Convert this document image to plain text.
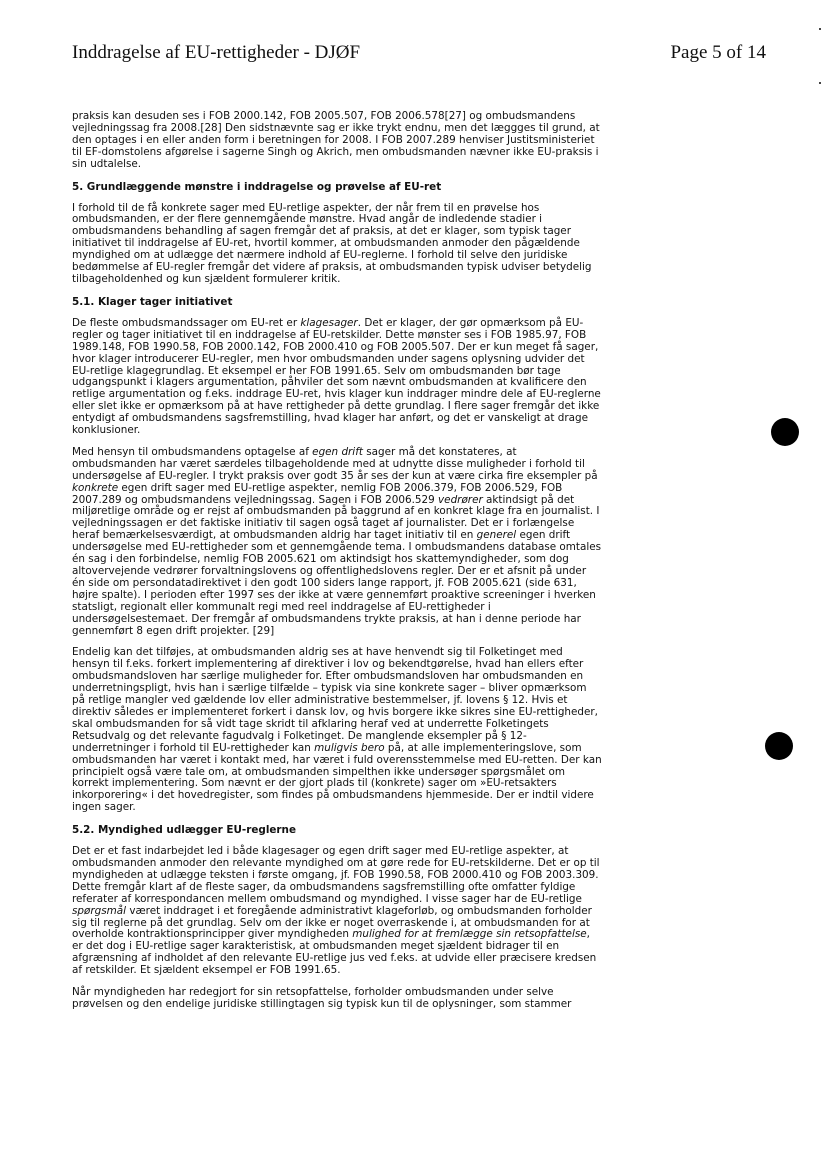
Inddragelse af EU-rettigheder - DJØF	Page 5 of 14

praksis kan desuden ses i FOB 2000.142, FOB 2005.507, FOB 2006.578[27] og ombudsmandens vejledningssag fra 2008.[28] Den sidstnævnte sag er ikke trykt endnu, men det læggges til grund, at den optages i en eller anden form i beretningen for 2008. I FOB 2007.289 henviser Justitsministeriet til EF-domstolens afgørelse i sagerne Singh og Akrich, men ombudsmanden nævner ikke EU-praksis i sin udtalelse.

5. Grundlæggende mønstre i inddragelse og prøvelse af EU-ret

I forhold til de få konkrete sager med EU-retlige aspekter, der når frem til en prøvelse hos ombudsmanden, er der flere gennemgående mønstre. Hvad angår de indledende stadier i ombudsmandens behandling af sagen fremgår det af praksis, at det er klager, som typisk tager initiativet til inddragelse af EU-ret, hvortil kommer, at ombudsmanden anmoder den pågældende myndighed om at udlægge det nærmere indhold af EU-reglerne. I forhold til selve den juridiske bedømmelse af EU-regler fremgår det videre af praksis, at ombudsmanden typisk udviser betydelig tilbageholdenhed og kun sjældent formulerer kritik.

5.1. Klager tager initiativet

De fleste ombudsmandssager om EU-ret er klagesager. Det er klager, der gør opmærksom på EU-regler og tager initiativet til en inddragelse af EU-retskilder. Dette mønster ses i FOB 1985.97, FOB 1989.148, FOB 1990.58, FOB 2000.142, FOB 2000.410 og FOB 2005.507. Der er kun meget få sager, hvor klager introducerer EU-regler, men hvor ombudsmanden under sagens oplysning udvider det EU-retlige klagegrundlag. Et eksempel er her FOB 1991.65. Selv om ombudsmanden bør tage udgangspunkt i klagers argumentation, påhviler det som nævnt ombudsmanden at kvalificere den retlige argumentation og f.eks. inddrage EU-ret, hvis klager kun inddrager mindre dele af EU-reglerne eller slet ikke er opmærksom på at have rettigheder på dette grundlag. I flere sager fremgår det ikke entydigt af ombudsmandens sagsfremstilling, hvad klager har anført, og det er vanskeligt at drage konklusioner.

Med hensyn til ombudsmandens optagelse af egen drift sager må det konstateres, at ombudsmanden har været særdeles tilbageholdende med at udnytte disse muligheder i forhold til undersøgelse af EU-regler. I trykt praksis over godt 35 år ses der kun at være cirka fire eksempler på konkrete egen drift sager med EU-retlige aspekter, nemlig FOB 2006.379, FOB 2006.529, FOB 2007.289 og ombudsmandens vejledningssag. Sagen i FOB 2006.529 vedrører aktindsigt på det miljøretlige område og er rejst af ombudsmanden på baggrund af en konkret klage fra en journalist. I vejledningssagen er det faktiske initiativ til sagen også taget af journalister. Det er i forlængelse heraf bemærkelsesværdigt, at ombudsmanden aldrig har taget initiativ til en generel egen drift undersøgelse med EU-rettigheder som et gennemgående tema. I ombudsmandens database omtales én sag i den forbindelse, nemlig FOB 2005.621 om aktindsigt hos skattemyndigheder, som dog altovervejende vedrører forvaltningslovens og offentlighedslovens regler. Der er et afsnit på under én side om persondatadirektivet i den godt 100 siders lange rapport, jf. FOB 2005.621 (side 631, højre spalte). I perioden efter 1997 ses der ikke at være gennemført proaktive screeninger i hverken statsligt, regionalt eller kommunalt regi med reel inddragelse af EU-rettigheder i undersøgelsestemaet. Der fremgår af ombudsmandens trykte praksis, at han i denne periode har gennemført 8 egen drift projekter. [29]

Endelig kan det tilføjes, at ombudsmanden aldrig ses at have henvendt sig til Folketinget med hensyn til f.eks. forkert implementering af direktiver i lov og bekendtgørelse, hvad han ellers efter ombudsmandsloven har særlige muligheder for. Efter ombudsmandsloven har ombudsmanden en underretningspligt, hvis han i særlige tilfælde – typisk via sine konkrete sager – bliver opmærksom på retlige mangler ved gældende lov eller administrative bestemmelser, jf. lovens § 12. Hvis et direktiv således er implementeret forkert i dansk lov, og hvis borgere ikke sikres sine EU-rettigheder, skal ombudsmanden for så vidt tage skridt til afklaring heraf ved at underrette Folketingets Retsudvalg og det relevante fagudvalg i Folketinget. De manglende eksempler på § 12-underretninger i forhold til EU-rettigheder kan muligvis bero på, at alle implementeringslove, som ombudsmanden har været i kontakt med, har været i fuld overensstemmelse med EU-retten. Der kan principielt også være tale om, at ombudsmanden simpelthen ikke undersøger spørgsmålet om korrekt implementering. Som nævnt er der gjort plads til (konkrete) sager om »EU-retsakters inkorporering« i det hovedregister, som findes på ombudsmandens hjemmeside. Der er indtil videre ingen sager.

5.2. Myndighed udlægger EU-reglerne

Det er et fast indarbejdet led i både klagesager og egen drift sager med EU-retlige aspekter, at ombudsmanden anmoder den relevante myndighed om at gøre rede for EU-retskilderne. Det er op til myndigheden at udlægge teksten i første omgang, jf. FOB 1990.58, FOB 2000.410 og FOB 2003.309. Dette fremgår klart af de fleste sager, da ombudsmandens sagsfremstilling ofte omfatter fyldige referater af korrespondancen mellem ombudsmand og myndighed. I visse sager har de EU-retlige spørgsmål været inddraget i et foregående administrativt klageforløb, og ombudsmanden forholder sig til reglerne på det grundlag. Selv om der ikke er noget overraskende i, at ombudsmanden for at overholde kontraktionsprincipper giver myndigheden mulighed for at fremlægge sin retsopfattelse, er det dog i EU-retlige sager karakteristisk, at ombudsmanden meget sjældent bidrager til en afgrænsning af indholdet af den relevante EU-retlige jus ved f.eks. at udvide eller præcisere kredsen af retskilder. Et sjældent eksempel er FOB 1991.65.

Når myndigheden har redegjort for sin retsopfattelse, forholder ombudsmanden under selve prøvelsen og den endelige juridiske stillingtagen sig typisk kun til de oplysninger, som stammer
